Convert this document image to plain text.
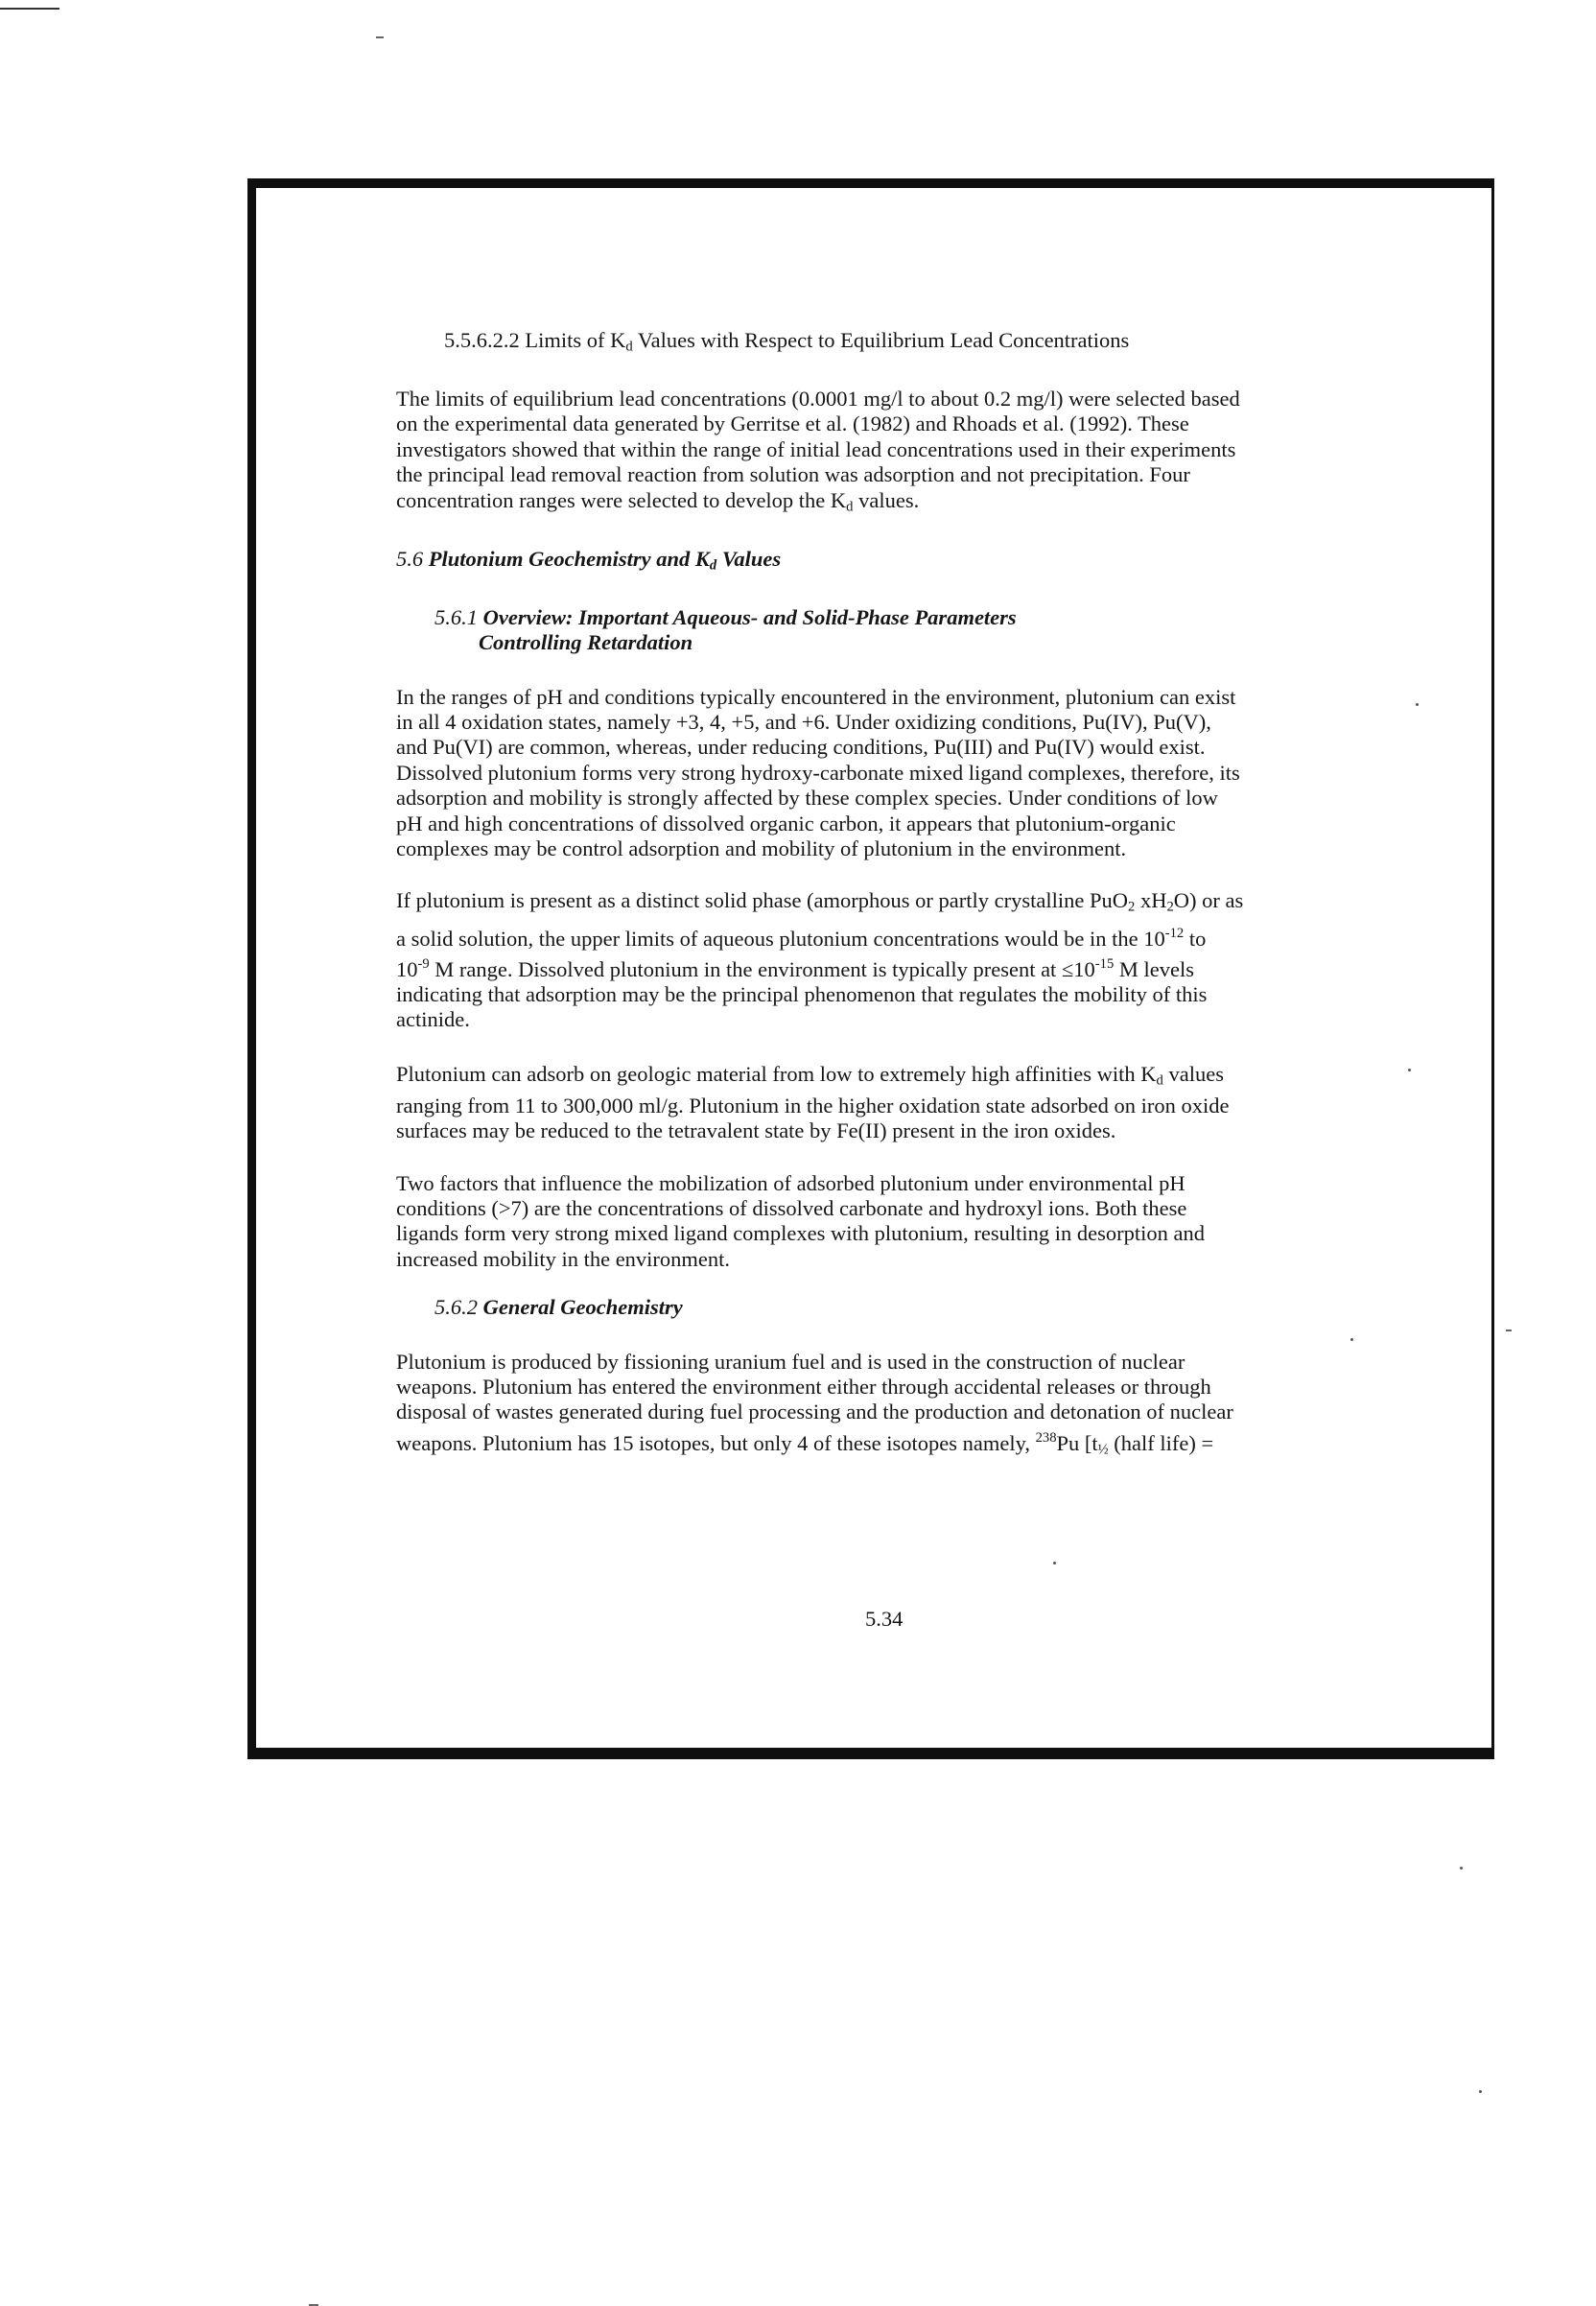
5.5.6.2.2 Limits of $K_d$ Values with Respect to Equilibrium Lead Concentrations
The limits of equilibrium lead concentrations (0.0001 mg/l to about 0.2 mg/l) were selected based
on the experimental data generated by Gerritse et al. (1982) and Rhoads et al. (1992). These
investigators showed that within the range of initial lead concentrations used in their experiments
the principal lead removal reaction from solution was adsorption and not precipitation. Four
concentration ranges were selected to develop the $K_d$ values.
5.6 Plutonium Geochemistry and $K_d$ Values
5.6.1 Overview: Important Aqueous- and Solid-Phase Parameters
Controlling Retardation
In the ranges of pH and conditions typically encountered in the environment, plutonium can exist
in all 4 oxidation states, namely +3, 4, +5, and +6. Under oxidizing conditions, Pu(IV), Pu(V),
and Pu(VI) are common, whereas, under reducing conditions, Pu(III) and Pu(IV) would exist.
Dissolved plutonium forms very strong hydroxy-carbonate mixed ligand complexes, therefore, its
adsorption and mobility is strongly affected by these complex species. Under conditions of low
pH and high concentrations of dissolved organic carbon, it appears that plutonium-organic
complexes may be control adsorption and mobility of plutonium in the environment.
If plutonium is present as a distinct solid phase (amorphous or partly crystalline PuO$_2$ $xH_2O$) or as
a solid solution, the upper limits of aqueous plutonium concentrations would be in the $10^{-12}$ to
$10^{-9}$ M range. Dissolved plutonium in the environment is typically present at $\le 10^{-15}$ M levels
indicating that adsorption may be the principal phenomenon that regulates the mobility of this
actinide.
Plutonium can adsorb on geologic material from low to extremely high affinities with $K_d$ values
ranging from 11 to 300,000 ml/g. Plutonium in the higher oxidation state adsorbed on iron oxide
surfaces may be reduced to the tetravalent state by Fe(II) present in the iron oxides.
Two factors that influence the mobilization of adsorbed plutonium under environmental pH
conditions (>7) are the concentrations of dissolved carbonate and hydroxyl ions. Both these
ligands form very strong mixed ligand complexes with plutonium, resulting in desorption and
increased mobility in the environment.
5.6.2 General Geochemistry
Plutonium is produced by fissioning uranium fuel and is used in the construction of nuclear
weapons. Plutonium has entered the environment either through accidental releases or through
disposal of wastes generated during fuel processing and the production and detonation of nuclear
weapons. Plutonium has 15 isotopes, but only 4 of these isotopes namely, $^{238}$Pu [$t_{\frac{1}{2}}$ (half life) =
5.34
